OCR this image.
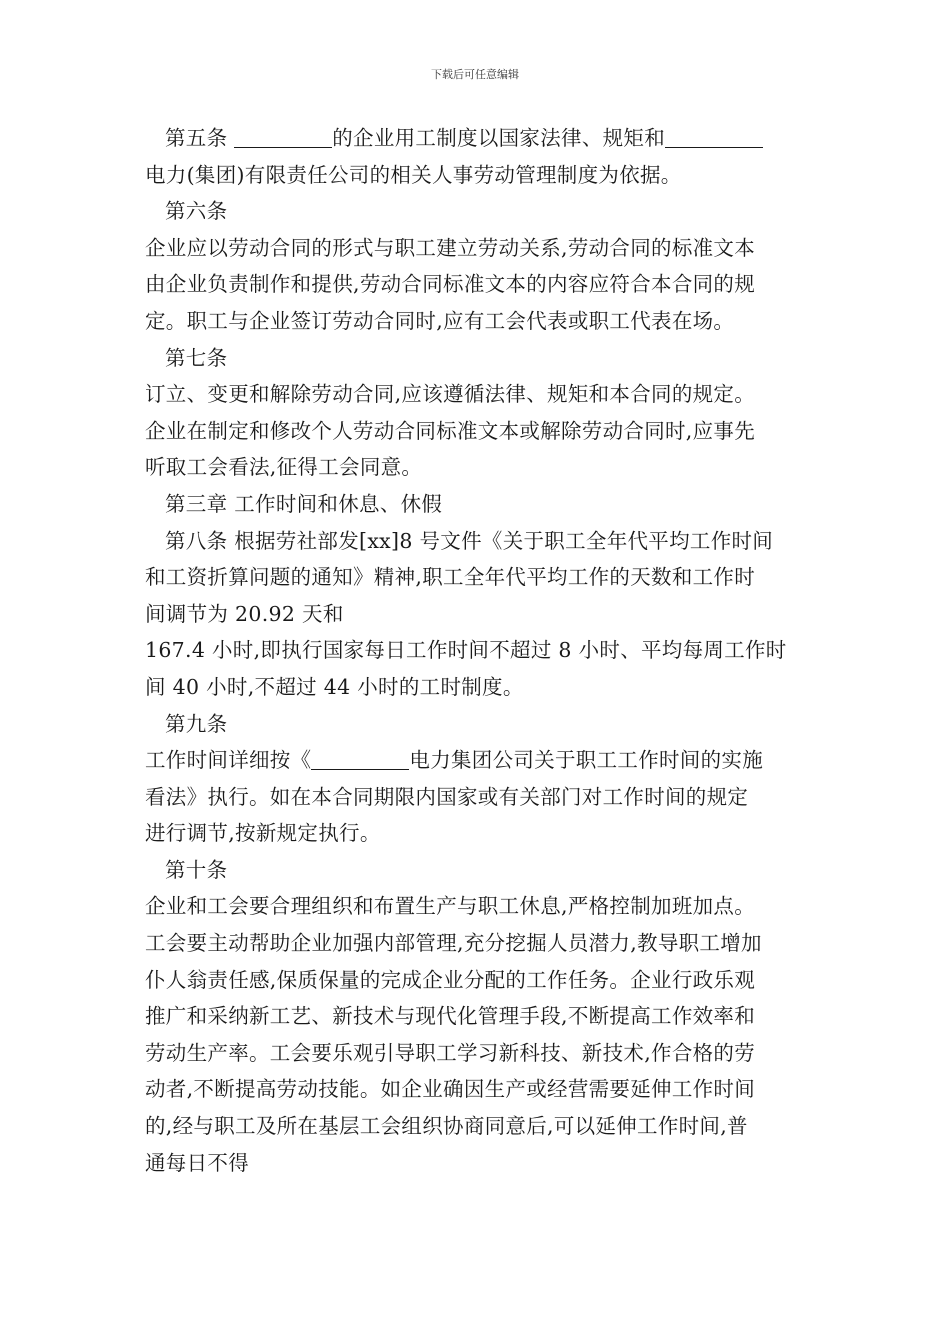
下载后可任意编辑
第五条	的企业用工制度以国家法律、规矩和
电力(集团)有限责任公司的相关人事劳动管理制度为依据。
第六条
企业应以劳动合同的形式与职工建立劳动关系,劳动合同的标准文本
由企业负责制作和提供,劳动合同标准文本的内容应符合本合同的规
定。职工与企业签订劳动合同时,应有工会代表或职工代表在场。
第七条
订立、变更和解除劳动合同,应该遵循法律、规矩和本合同的规定。
企业在制定和修改个人劳动合同标准文本或解除劳动合同时,应事先
听取工会看法,征得工会同意。
第三章 工作时间和休息、休假
第八条 根据劳社部发[xx]8 号文件《关于职工全年代平均工作时间
和工资折算问题的通知》精神,职工全年代平均工作的天数和工作时
间调节为 20.92 天和
167.4 小时,即执行国家每日工作时间不超过 8 小时、平均每周工作时
间 40 小时,不超过 44 小时的工时制度。
第九条
工作时间详细按《	电力集团公司关于职工工作时间的实施
看法》执行。如在本合同期限内国家或有关部门对工作时间的规定
进行调节,按新规定执行。
第十条
企业和工会要合理组织和布置生产与职工休息,严格控制加班加点。
工会要主动帮助企业加强内部管理,充分挖掘人员潜力,教导职工增加
仆人翁责任感,保质保量的完成企业分配的工作任务。企业行政乐观
推广和采纳新工艺、新技术与现代化管理手段,不断提高工作效率和
劳动生产率。工会要乐观引导职工学习新科技、新技术,作合格的劳
动者,不断提高劳动技能。如企业确因生产或经营需要延伸工作时间
的,经与职工及所在基层工会组织协商同意后,可以延伸工作时间,普
通每日不得
